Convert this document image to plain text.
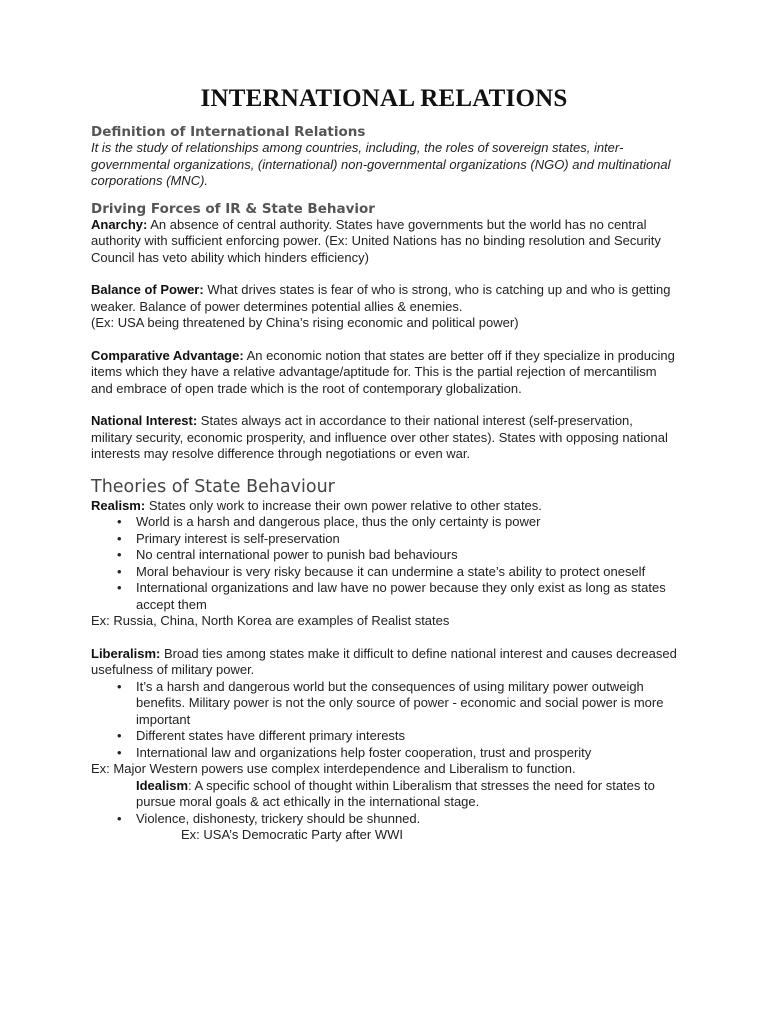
INTERNATIONAL RELATIONS
Definition of International Relations

It is the study of relationships among countries, including, the roles of sovereign states, inter-governmental organizations, (international) non-governmental organizations (NGO) and multinational corporations (MNC).

Driving Forces of IR & State Behavior

Anarchy: An absence of central authority. States have governments but the world has no central authority with sufficient enforcing power. (Ex: United Nations has no binding resolution and Security Council has veto ability which hinders efficiency)

Balance of Power: What drives states is fear of who is strong, who is catching up and who is getting weaker. Balance of power determines potential allies & enemies.

(Ex: USA being threatened by China’s rising economic and political power)

Comparative Advantage: An economic notion that states are better off if they specialize in producing items which they have a relative advantage/aptitude for. This is the partial rejection of mercantilism and embrace of open trade which is the root of contemporary globalization.

National Interest: States always act in accordance to their national interest (self-preservation, military security, economic prosperity, and influence over other states). States with opposing national interests may resolve difference through negotiations or even war.

Theories of State Behaviour

Realism: States only work to increase their own power relative to other states.

• World is a harsh and dangerous place, thus the only certainty is power
• Primary interest is self-preservation
• No central international power to punish bad behaviours
• Moral behaviour is very risky because it can undermine a state’s ability to protect oneself
• International organizations and law have no power because they only exist as long as states accept them

Ex: Russia, China, North Korea are examples of Realist states

Liberalism: Broad ties among states make it difficult to define national interest and causes decreased usefulness of military power.

• It’s a harsh and dangerous world but the consequences of using military power outweigh benefits. Military power is not the only source of power - economic and social power is more important
• Different states have different primary interests
• International law and organizations help foster cooperation, trust and prosperity

Ex: Major Western powers use complex interdependence and Liberalism to function.

Idealism: A specific school of thought within Liberalism that stresses the need for states to pursue moral goals & act ethically in the international stage.

• Violence, dishonesty, trickery should be shunned.

Ex: USA’s Democratic Party after WWI
